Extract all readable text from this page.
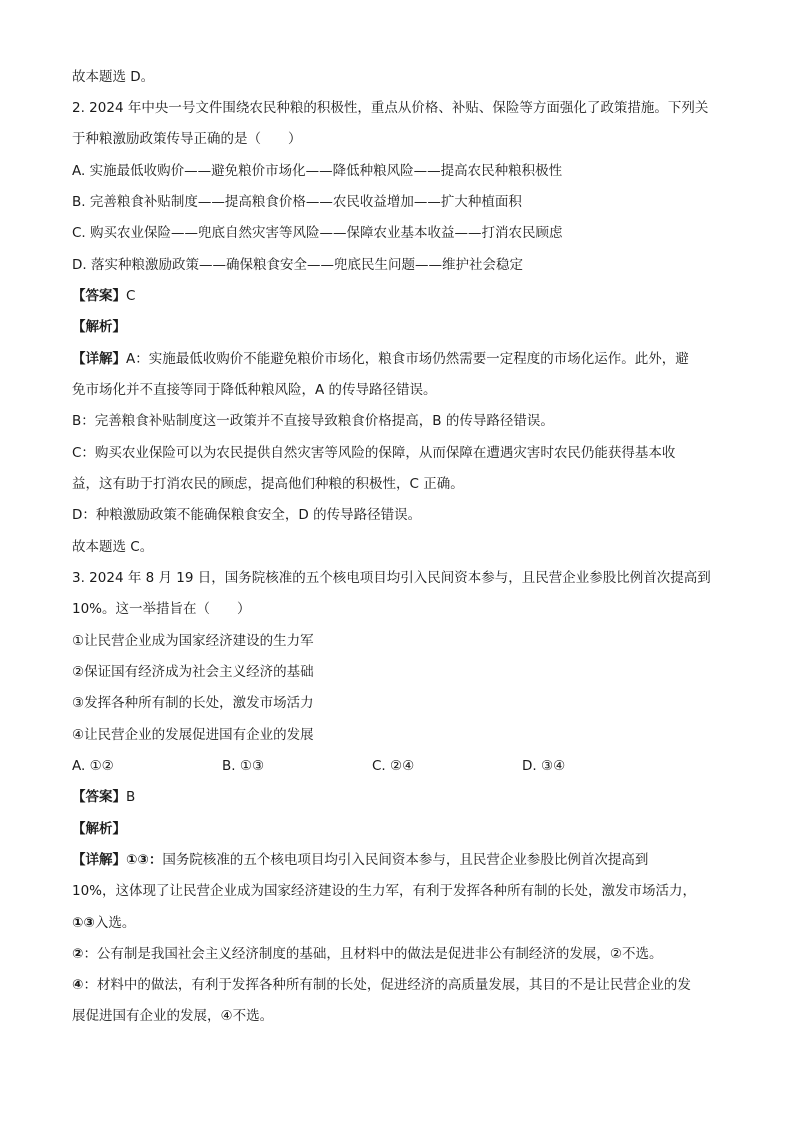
故本题选 D。
2. 2024 年中央一号文件围绕农民种粮的积极性，重点从价格、补贴、保险等方面强化了政策措施。下列关
于种粮激励政策传导正确的是（　　）
A. 实施最低收购价——避免粮价市场化——降低种粮风险——提高农民种粮积极性
B. 完善粮食补贴制度——提高粮食价格——农民收益增加——扩大种植面积
C. 购买农业保险——兜底自然灾害等风险——保障农业基本收益——打消农民顾虑
D. 落实种粮激励政策——确保粮食安全——兜底民生问题——维护社会稳定
【答案】C
【解析】
【详解】A：实施最低收购价不能避免粮价市场化，粮食市场仍然需要一定程度的市场化运作。此外，避
免市场化并不直接等同于降低种粮风险，A 的传导路径错误。
B：完善粮食补贴制度这一政策并不直接导致粮食价格提高，B 的传导路径错误。
C：购买农业保险可以为农民提供自然灾害等风险的保障，从而保障在遭遇灾害时农民仍能获得基本收
益，这有助于打消农民的顾虑，提高他们种粮的积极性，C 正确。
D：种粮激励政策不能确保粮食安全，D 的传导路径错误。
故本题选 C。
3. 2024 年 8 月 19 日，国务院核准的五个核电项目均引入民间资本参与，且民营企业参股比例首次提高到
10%。这一举措旨在（　　）
①让民营企业成为国家经济建设的生力军
②保证国有经济成为社会主义经济的基础
③发挥各种所有制的长处，激发市场活力
④让民营企业的发展促进国有企业的发展
A. ①②	B. ①③	C. ②④	D. ③④
【答案】B
【解析】
【详解】①③：国务院核准的五个核电项目均引入民间资本参与，且民营企业参股比例首次提高到
10%，这体现了让民营企业成为国家经济建设的生力军，有利于发挥各种所有制的长处，激发市场活力，
①③入选。
②：公有制是我国社会主义经济制度的基础，且材料中的做法是促进非公有制经济的发展，②不选。
④：材料中的做法，有利于发挥各种所有制的长处，促进经济的高质量发展，其目的不是让民营企业的发
展促进国有企业的发展，④不选。
